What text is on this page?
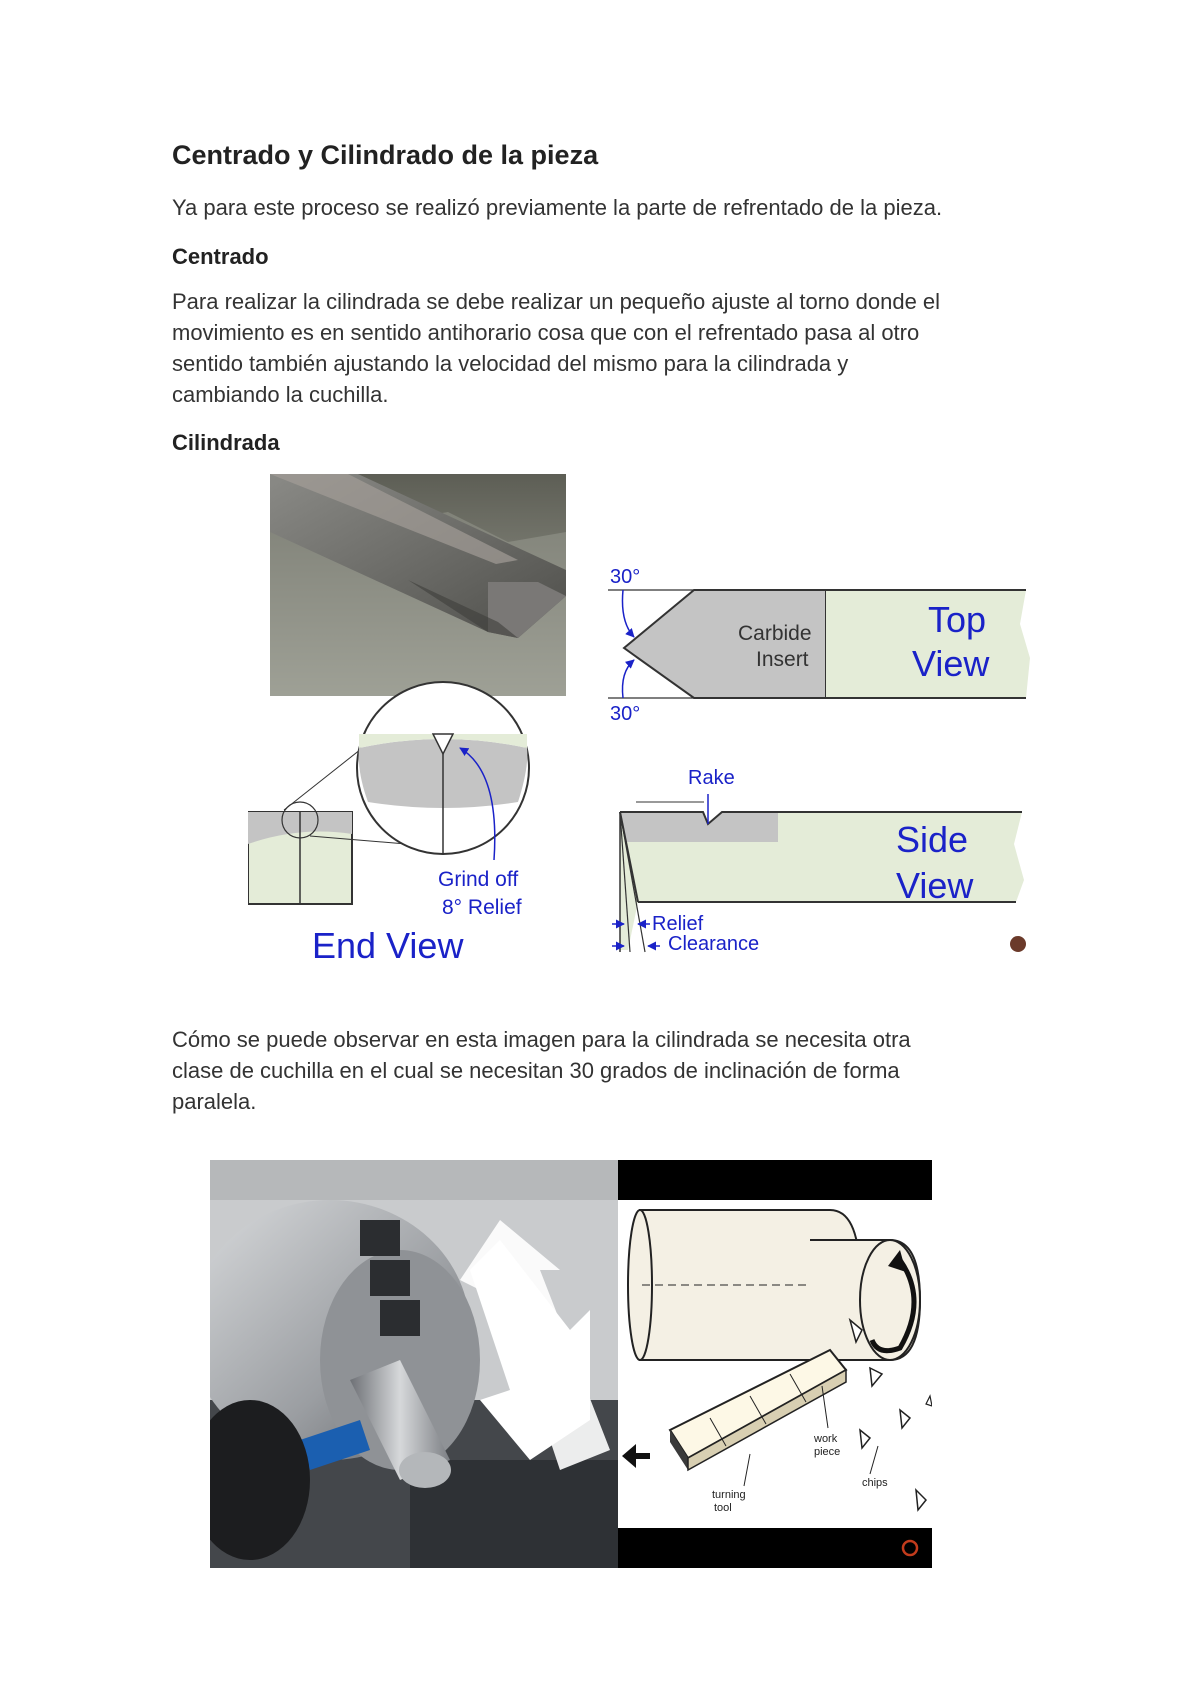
Centrado y Cilindrado de la pieza

Ya para este proceso se realizó previamente la parte de refrentado de la pieza.

Centrado

Para realizar la cilindrada se debe realizar un pequeño ajuste al torno donde el

movimiento es en sentido antihorario cosa que con el refrentado pasa al otro

sentido también ajustando la velocidad del mismo para la cilindrada y

cambiando la cuchilla.

Cilindrada

30°
30°
Carbide
Insert
Top
View
Grind off
8° Relief
End View
Rake
Side
View
Relief
Clearance

Cómo se puede observar en esta imagen para la cilindrada se necesita otra

clase de cuchilla en el cual se necesitan 30 grados de inclinación de forma

paralela.

work
piece
turning
tool
chips
